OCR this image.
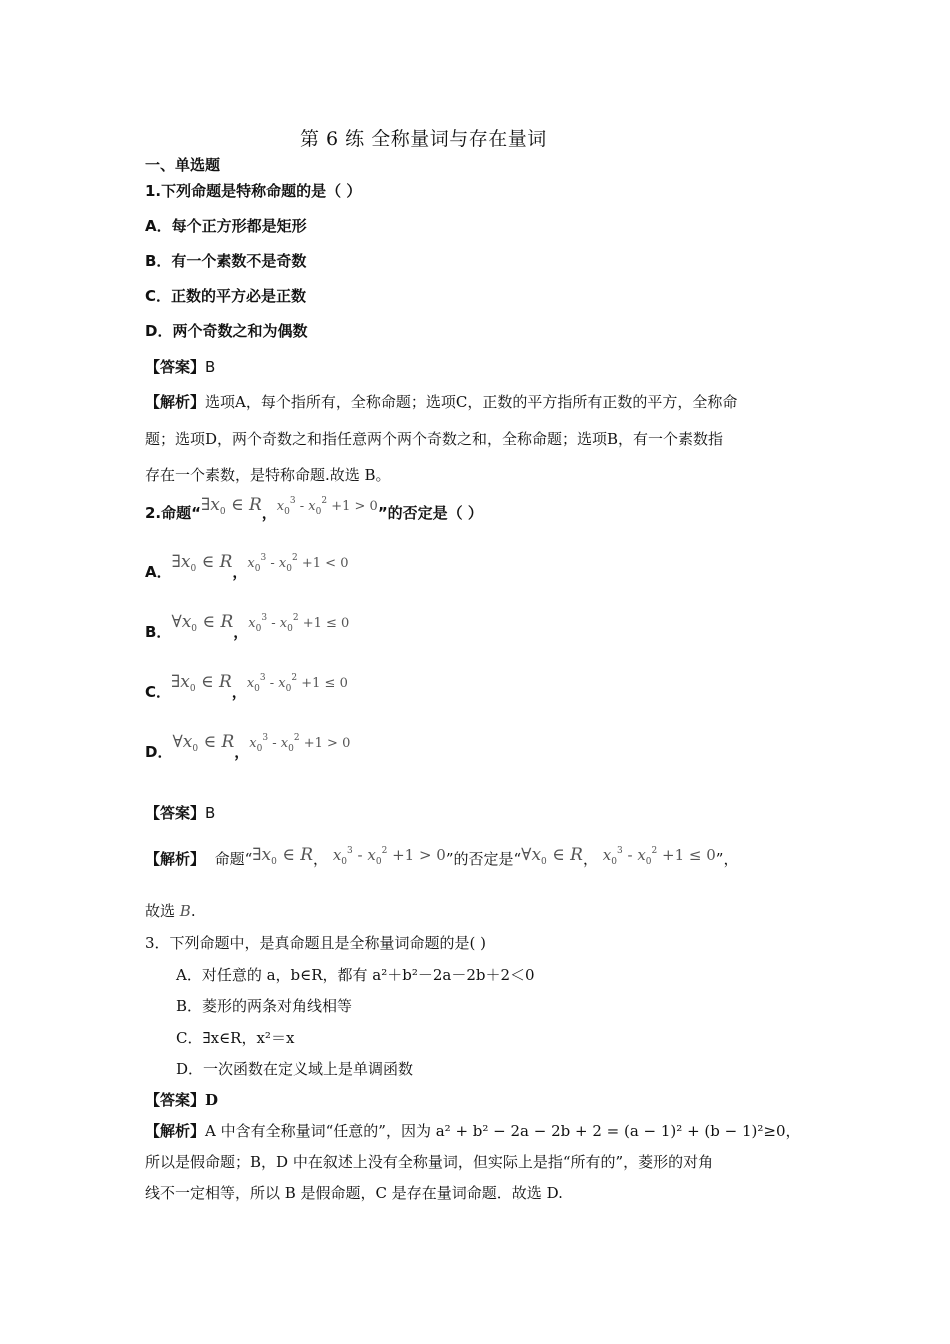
第 6 练 全称量词与存在量词
一、单选题
1.下列命题是特称命题的是（ ）
A．每个正方形都是矩形
B．有一个素数不是奇数
C．正数的平方必是正数
D．两个奇数之和为偶数
【答案】B
【解析】选项A，每个指所有，全称命题；选项C，正数的平方指所有正数的平方，全称命
题；选项D，两个奇数之和指任意两个两个奇数之和，全称命题；选项B，有一个素数指
存在一个素数，是特称命题.故选 B。
2.命题“$\exists x_0$ ∈ R，$x_0^3 - x_0^2 +1 > 0$”的否定是（ ）
A．$\exists x_0$ ∈ R，$x_0^3 - x_0^2 +1 < 0$
B．$\forall x_0$ ∈ R，$x_0^3 - x_0^2 +1 \le 0$
C．$\exists x_0$ ∈ R，$x_0^3 - x_0^2 +1 \le 0$
D．$\forall x_0$ ∈ R，$x_0^3 - x_0^2 +1 > 0$
【答案】B
【解析】 命题“$\exists x_0$ ∈ R， $x_0^3 - x_0^2 +1 > 0$”的否定是“$\forall x_0$ ∈ R， $x_0^3 - x_0^2 +1 \le 0$”，
故选 B.
3．下列命题中，是真命题且是全称量词命题的是( )
A．对任意的 a，b∈R，都有 a²＋b²－2a－2b＋2＜0
B．菱形的两条对角线相等
C．∃x∈R，x²＝x
D．一次函数在定义域上是单调函数
【答案】D
【解析】A 中含有全称量词“任意的”，因为 a² + b² − 2a − 2b + 2 = (a − 1)² + (b − 1)²≥0，
所以是假命题；B，D 中在叙述上没有全称量词，但实际上是指“所有的”，菱形的对角
线不一定相等，所以 B 是假命题，C 是存在量词命题．故选 D.
